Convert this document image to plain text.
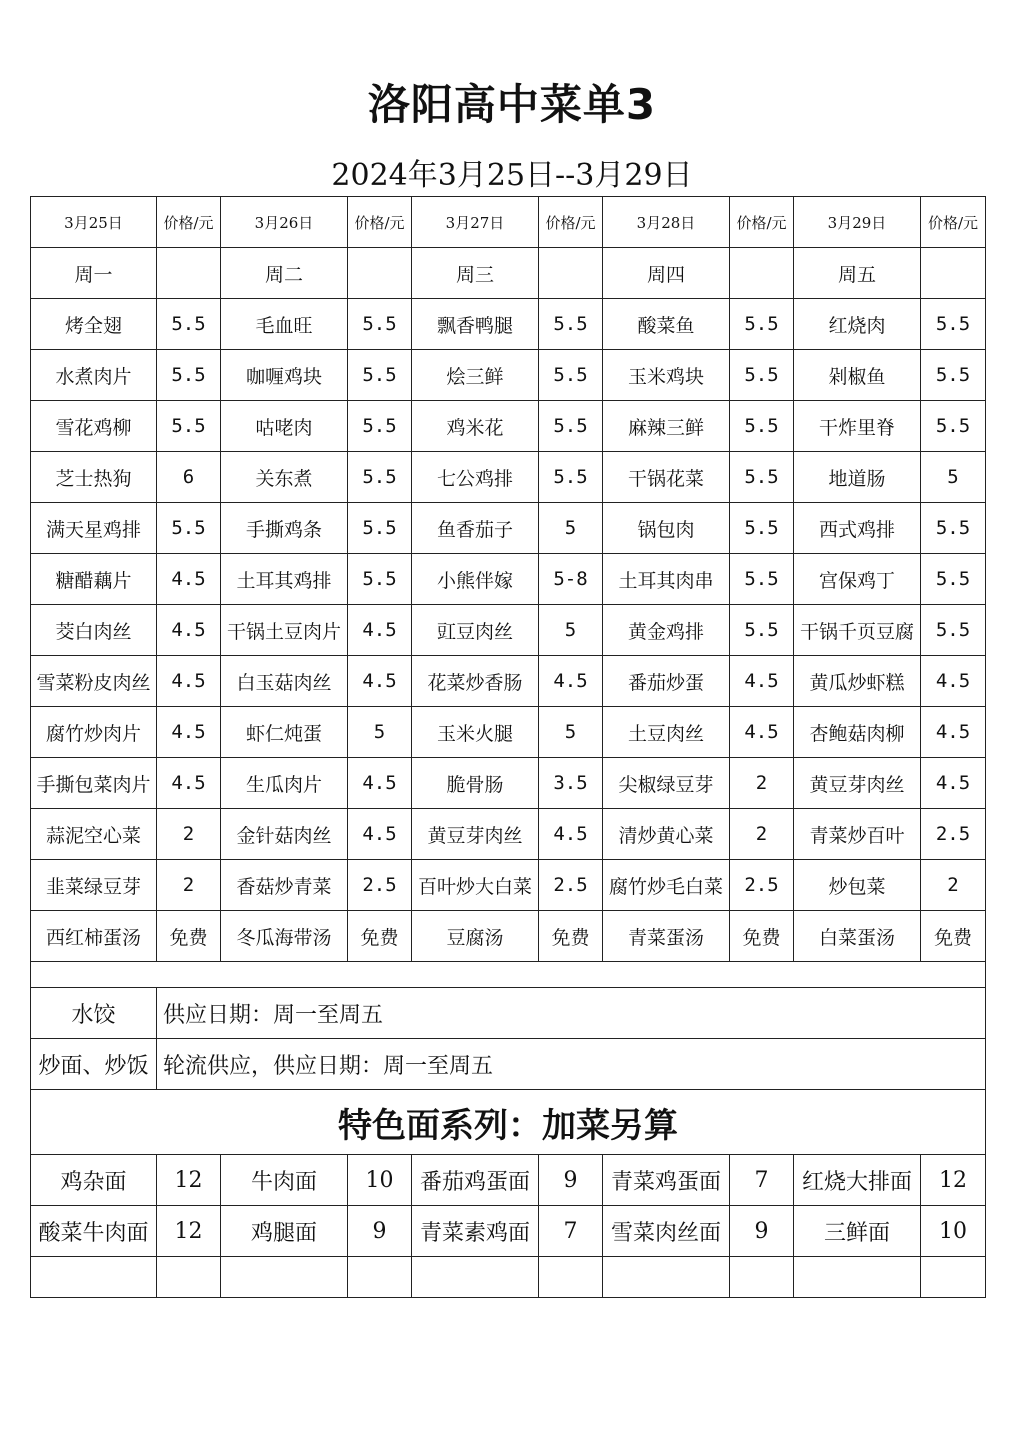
洛阳高中菜单3
2024年3月25日--3月29日
3月25日	价格/元	3月26日	价格/元	3月27日	价格/元	3月28日	价格/元	3月29日	价格/元
周一		周二		周三		周四		周五	
烤全翅	5.5	毛血旺	5.5	飘香鸭腿	5.5	酸菜鱼	5.5	红烧肉	5.5
水煮肉片	5.5	咖喱鸡块	5.5	烩三鲜	5.5	玉米鸡块	5.5	剁椒鱼	5.5
雪花鸡柳	5.5	咕咾肉	5.5	鸡米花	5.5	麻辣三鲜	5.5	干炸里脊	5.5
芝士热狗	6	关东煮	5.5	七公鸡排	5.5	干锅花菜	5.5	地道肠	5
满天星鸡排	5.5	手撕鸡条	5.5	鱼香茄子	5	锅包肉	5.5	西式鸡排	5.5
糖醋藕片	4.5	土耳其鸡排	5.5	小熊伴嫁	5-8	土耳其肉串	5.5	宫保鸡丁	5.5
茭白肉丝	4.5	干锅土豆肉片	4.5	豇豆肉丝	5	黄金鸡排	5.5	干锅千页豆腐	5.5
雪菜粉皮肉丝	4.5	白玉菇肉丝	4.5	花菜炒香肠	4.5	番茄炒蛋	4.5	黄瓜炒虾糕	4.5
腐竹炒肉片	4.5	虾仁炖蛋	5	玉米火腿	5	土豆肉丝	4.5	杏鲍菇肉柳	4.5
手撕包菜肉片	4.5	生瓜肉片	4.5	脆骨肠	3.5	尖椒绿豆芽	2	黄豆芽肉丝	4.5
蒜泥空心菜	2	金针菇肉丝	4.5	黄豆芽肉丝	4.5	清炒黄心菜	2	青菜炒百叶	2.5
韭菜绿豆芽	2	香菇炒青菜	2.5	百叶炒大白菜	2.5	腐竹炒毛白菜	2.5	炒包菜	2
西红柿蛋汤	免费	冬瓜海带汤	免费	豆腐汤	免费	青菜蛋汤	免费	白菜蛋汤	免费

水饺	供应日期：周一至周五								
炒面、炒饭	轮流供应，供应日期：周一至周五								
特色面系列：加菜另算									
鸡杂面	12	牛肉面	10	番茄鸡蛋面	9	青菜鸡蛋面	7	红烧大排面	12
酸菜牛肉面	12	鸡腿面	9	青菜素鸡面	7	雪菜肉丝面	9	三鲜面	10
